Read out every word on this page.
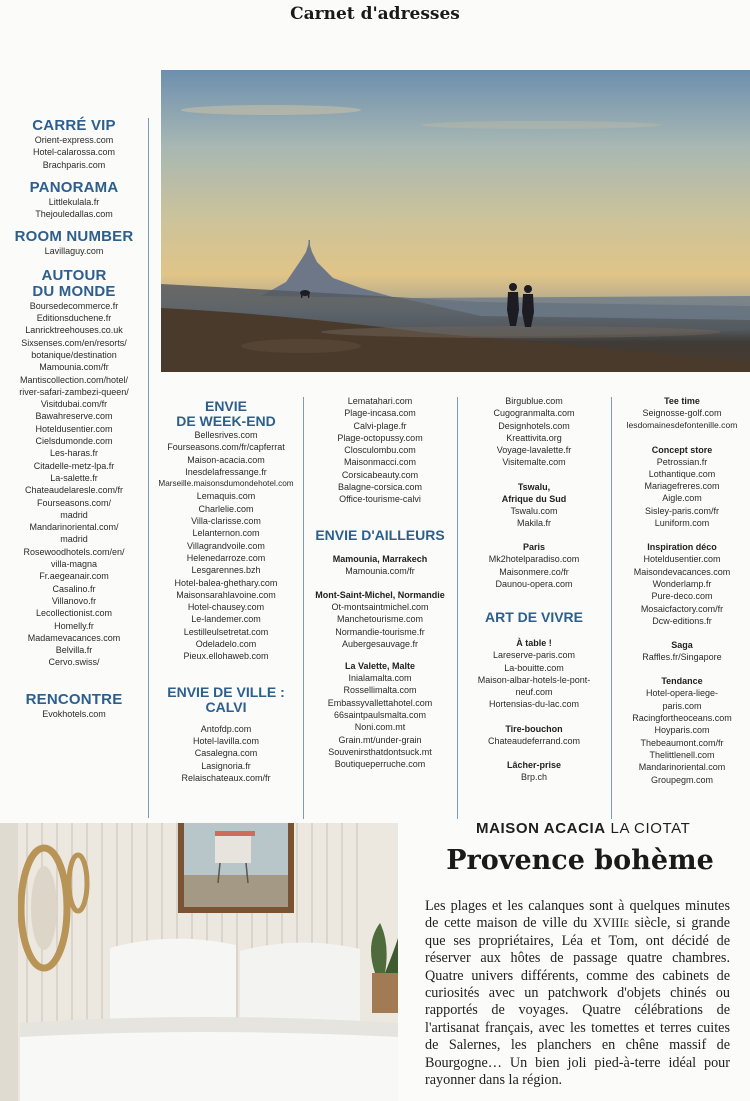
Carnet d'adresses
CARRÉ VIP
Orient-express.com
Hotel-calarossa.com
Brachparis.com
PANORAMA
Littlekulala.fr
Thejouledallas.com
ROOM NUMBER
Lavillaguy.com
AUTOUR
DU MONDE
Boursedecommerce.fr
Editionsduchene.fr
Lanricktreehouses.co.uk
Sixsenses.com/en/resorts/
botanique/destination
Mamounia.com/fr
Mantiscollection.com/hotel/
river-safari-zambezi-queen/
Visitdubai.com/fr
Bawahreserve.com
Hoteldusentier.com
Cielsdumonde.com
Les-haras.fr
Citadelle-metz-lpa.fr
La-salette.fr
Chateaudelaresle.com/fr
Fourseasons.com/
madrid
Mandarinoriental.com/
madrid
Rosewoodhotels.com/en/
villa-magna
Fr.aegeanair.com
Casalino.fr
Villanovo.fr
Lecollectionist.com
Homelly.fr
Madamevacances.com
Belvilla.fr
Cervo.swiss/
RENCONTRE
Evokhotels.com
ENVIE
DE WEEK-END
Bellesrives.com
Fourseasons.com/fr/capferrat
Maison-acacia.com
Inesdelafressange.fr
Marseille.maisonsdumondehotel.com
Lemaquis.com
Charlelie.com
Villa-clarisse.com
Lelanternon.com
Villagrandvoile.com
Helenedarroze.com
Lesgarennes.bzh
Hotel-balea-ghethary.com
Maisonsarahlavoine.com
Hotel-chausey.com
Le-landemer.com
Lestilleulsetretat.com
Odeladelo.com
Pieux.ellohaweb.com
ENVIE DE VILLE :
CALVI
Antofdp.com
Hotel-lavilla.com
Casalegna.com
Lasignoria.fr
Relaischateaux.com/fr
Lematahari.com
Plage-incasa.com
Calvi-plage.fr
Plage-octopussy.com
Closculombu.com
Maisonmacci.com
Corsicabeauty.com
Balagne-corsica.com
Office-tourisme-calvi
ENVIE D'AILLEURS
Mamounia, Marrakech
Mamounia.com/fr
Mont-Saint-Michel, Normandie
Ot-montsaintmichel.com
Manchetourisme.com
Normandie-tourisme.fr
Aubergesauvage.fr
La Valette, Malte
Inialamalta.com
Rossellimalta.com
Embassyvallettahotel.com
66saintpaulsmalta.com
Noni.com.mt
Grain.mt/under-grain
Souvenirsthatdontsuck.mt
Boutiqueperruche.com
Birgublue.com
Cugogranmalta.com
Designhotels.com
Kreattivita.org
Voyage-lavalette.fr
Visitemalte.com
Tswalu,
Afrique du Sud
Tswalu.com
Makila.fr
Paris
Mk2hotelparadiso.com
Maisonmere.co/fr
Daunou-opera.com
ART DE VIVRE
À table !
Lareserve-paris.com
La-bouitte.com
Maison-albar-hotels-le-pont-
neuf.com
Hortensias-du-lac.com
Tire-bouchon
Chateaudeferrand.com
Lâcher-prise
Brp.ch
Tee time
Seignosse-golf.com
lesdomainesdefontenille.com
Concept store
Petrossian.fr
Lothantique.com
Mariagefreres.com
Aigle.com
Sisley-paris.com/fr
Luniform.com
Inspiration déco
Hoteldusentier.com
Maisondevacances.com
Wonderlamp.fr
Pure-deco.com
Mosaicfactory.com/fr
Dcw-editions.fr
Saga
Raffles.fr/Singapore
Tendance
Hotel-opera-liege-
paris.com
Racingfortheoceans.com
Hoyparis.com
Thebeaumont.com/fr
Thelittlenell.com
Mandarinoriental.com
Groupegm.com
MAISON ACACIA LA CIOTAT
Provence bohème
Les plages et les calanques sont à quelques minutes de cette maison de ville du XVIIIe siècle, si grande que ses propriétaires, Léa et Tom, ont décidé de réserver aux hôtes de passage quatre chambres. Quatre univers différents, comme des cabinets de curiosités avec un patchwork d'objets chinés ou rapportés de voyages. Quatre célébrations de l'artisanat français, avec les tomettes et terres cuites de Salernes, les planchers en chêne massif de Bourgogne… Un bien joli pied-à-terre idéal pour rayonner dans la région.
